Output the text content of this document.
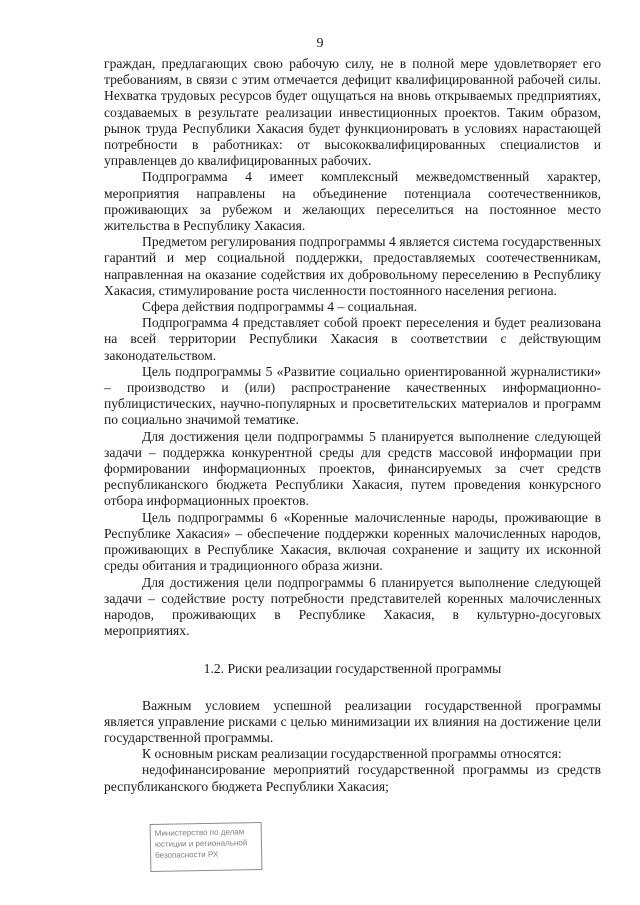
9

граждан, предлагающих свою рабочую силу, не в полной мере удовлетворяет его требованиям, в связи с этим отмечается дефицит квалифицированной рабочей силы. Нехватка трудовых ресурсов будет ощущаться на вновь открываемых предприятиях, создаваемых в результате реализации инвестиционных проектов. Таким образом, рынок труда Республики Хакасия будет функционировать в условиях нарастающей потребности в работниках: от высококвалифицированных специалистов и управленцев до квалифицированных рабочих.

Подпрограмма 4 имеет комплексный межведомственный характер, мероприятия направлены на объединение потенциала соотечественников, проживающих за рубежом и желающих переселиться на постоянное место жительства в Республику Хакасия.

Предметом регулирования подпрограммы 4 является система государственных гарантий и мер социальной поддержки, предоставляемых соотечественникам, направленная на оказание содействия их добровольному переселению в Республику Хакасия, стимулирование роста численности постоянного населения региона.

Сфера действия подпрограммы 4 – социальная.

Подпрограмма 4 представляет собой проект переселения и будет реализована на всей территории Республики Хакасия в соответствии с действующим законодательством.

Цель подпрограммы 5 «Развитие социально ориентированной журналистики» – производство и (или) распространение качественных информационно-публицистических, научно-популярных и просветительских материалов и программ по социально значимой тематике.

Для достижения цели подпрограммы 5 планируется выполнение следующей задачи – поддержка конкурентной среды для средств массовой информации при формировании информационных проектов, финансируемых за счет средств республиканского бюджета Республики Хакасия, путем проведения конкурсного отбора информационных проектов.

Цель подпрограммы 6 «Коренные малочисленные народы, проживающие в Республике Хакасия» – обеспечение поддержки коренных малочисленных народов, проживающих в Республике Хакасия, включая сохранение и защиту их исконной среды обитания и традиционного образа жизни.

Для достижения цели подпрограммы 6 планируется выполнение следующей задачи – содействие росту потребности представителей коренных малочисленных народов, проживающих в Республике Хакасия, в культурно-досуговых мероприятиях.

1.2. Риски реализации государственной программы

Важным условием успешной реализации государственной программы является управление рисками с целью минимизации их влияния на достижение цели государственной программы.

К основным рискам реализации государственной программы относятся:

недофинансирование мероприятий государственной программы из средств республиканского бюджета Республики Хакасия;

Министерство по делам
юстиции и региональной
безопасности РХ
